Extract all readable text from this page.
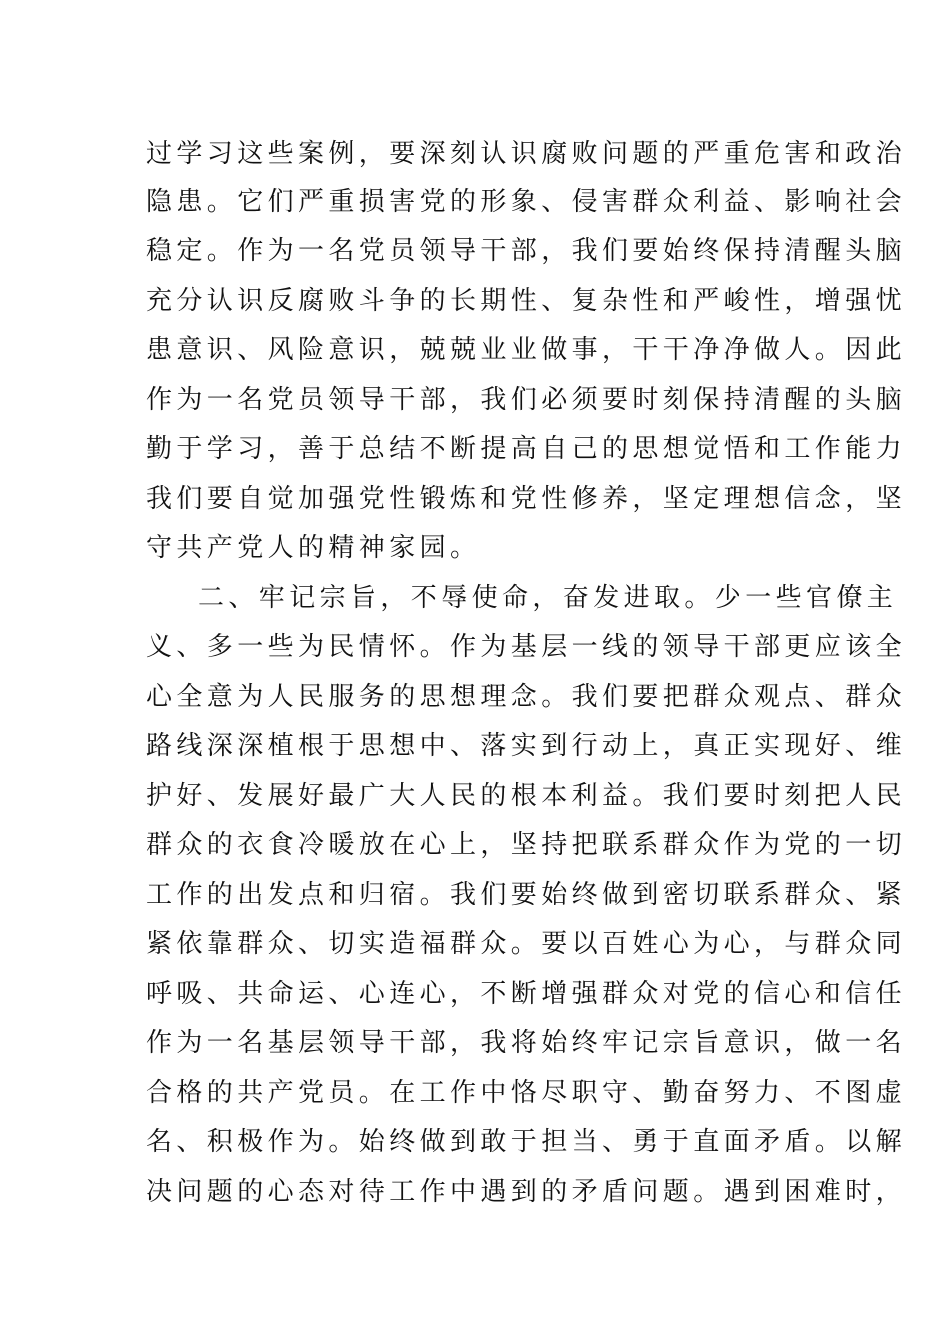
过学习这些案例，要深刻认识腐败问题的严重危害和政治
隐患。它们严重损害党的形象、侵害群众利益、影响社会
稳定。作为一名党员领导干部，我们要始终保持清醒头脑
充分认识反腐败斗争的长期性、复杂性和严峻性，增强忧
患意识、风险意识，兢兢业业做事，干干净净做人。因此
作为一名党员领导干部，我们必须要时刻保持清醒的头脑
勤于学习，善于总结不断提高自己的思想觉悟和工作能力
我们要自觉加强党性锻炼和党性修养，坚定理想信念，坚
守共产党人的精神家园。
二、牢记宗旨，不辱使命，奋发进取。少一些官僚主
义、多一些为民情怀。作为基层一线的领导干部更应该全
心全意为人民服务的思想理念。我们要把群众观点、群众
路线深深植根于思想中、落实到行动上，真正实现好、维
护好、发展好最广大人民的根本利益。我们要时刻把人民
群众的衣食冷暖放在心上，坚持把联系群众作为党的一切
工作的出发点和归宿。我们要始终做到密切联系群众、紧
紧依靠群众、切实造福群众。要以百姓心为心，与群众同
呼吸、共命运、心连心，不断增强群众对党的信心和信任
作为一名基层领导干部，我将始终牢记宗旨意识，做一名
合格的共产党员。在工作中恪尽职守、勤奋努力、不图虚
名、积极作为。始终做到敢于担当、勇于直面矛盾。以解
决问题的心态对待工作中遇到的矛盾问题。遇到困难时，
